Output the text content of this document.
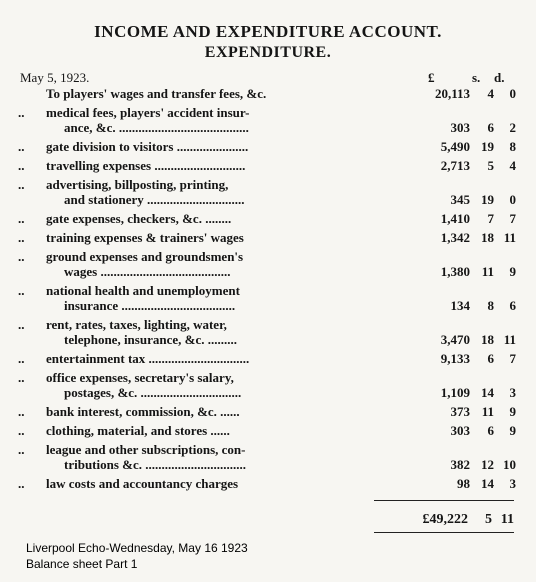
INCOME AND EXPENDITURE ACCOUNT.
EXPENDITURE.
May 5, 1923.	£	s. d.
To players' wages and transfer fees, &c.	20,113	4	0
.. medical fees, players' accident insur-
ance, &c. ........................................	303	6	2
.. gate division to visitors ......................	5,490 19	8
.. travelling expenses ............................	2,713	5	4
.. advertising, billposting, printing,
and stationery ..............................	345 19	0
.. gate expenses, checkers, &c. ........	1,410	7	7
.. training expenses & trainers' wages	1,342 18 11
.. ground expenses and groundsmen's
wages ........................................	1,380 11	9
.. national health and unemployment
insurance ...................................	134	8	6
.. rent, rates, taxes, lighting, water,
telephone, insurance, &c. .........	3,470 18 11
.. entertainment tax ...............................	9,133	6	7
.. office expenses, secretary's salary,
postages, &c. ...............................	1,109 14	3
.. bank interest, commission, &c. ......	373 11	9
.. clothing, material, and stores ......	303	6	9
.. league and other subscriptions, con-
tributions &c. ...............................	382 12 10
.. law costs and accountancy charges	98 14	3
£49,222	5 11
Liverpool Echo-Wednesday, May 16 1923
Balance sheet Part 1
